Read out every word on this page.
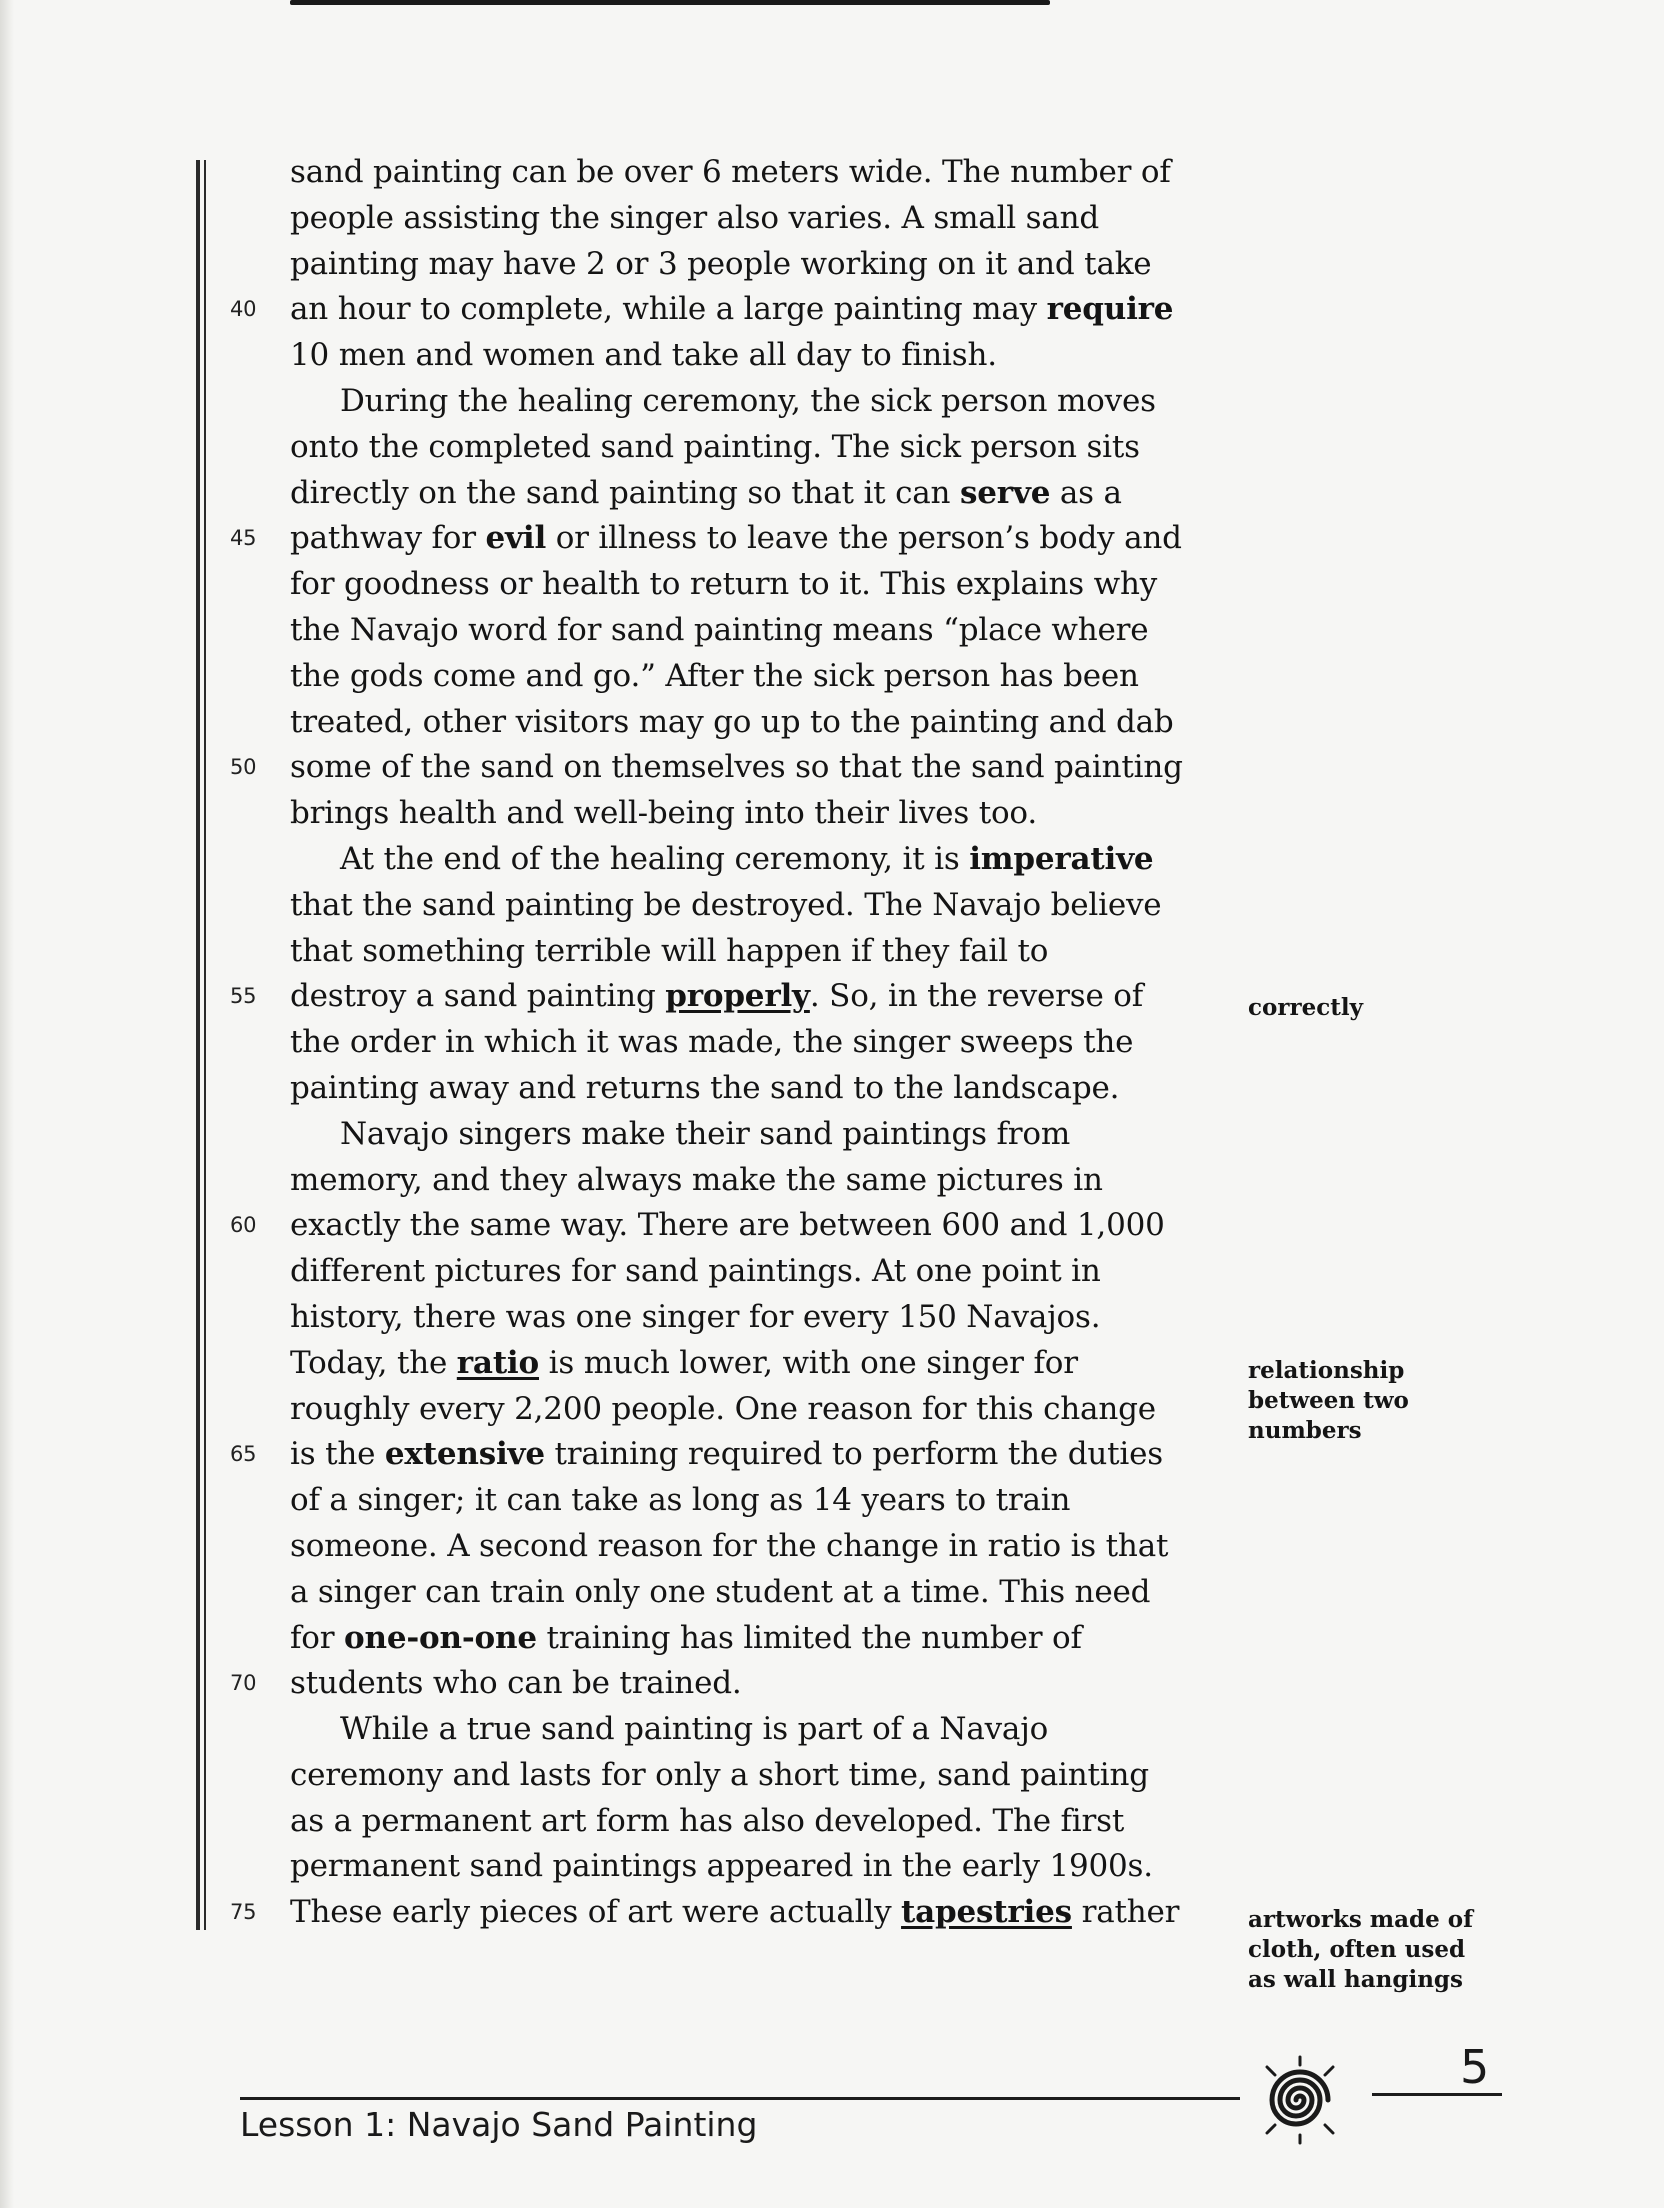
sand painting can be over 6 meters wide. The number of
people assisting the singer also varies. A small sand
painting may have 2 or 3 people working on it and take
40	an hour to complete, while a large painting may require
10 men and women and take all day to finish.
During the healing ceremony, the sick person moves
onto the completed sand painting. The sick person sits
directly on the sand painting so that it can serve as a
45	pathway for evil or illness to leave the person’s body and
for goodness or health to return to it. This explains why
the Navajo word for sand painting means “place where
the gods come and go.” After the sick person has been
treated, other visitors may go up to the painting and dab
50	some of the sand on themselves so that the sand painting
brings health and well-being into their lives too.
At the end of the healing ceremony, it is imperative
that the sand painting be destroyed. The Navajo believe
that something terrible will happen if they fail to
55	destroy a sand painting properly. So, in the reverse of
the order in which it was made, the singer sweeps the
painting away and returns the sand to the landscape.
Navajo singers make their sand paintings from
memory, and they always make the same pictures in
60	exactly the same way. There are between 600 and 1,000
different pictures for sand paintings. At one point in
history, there was one singer for every 150 Navajos.
Today, the ratio is much lower, with one singer for
roughly every 2,200 people. One reason for this change
65	is the extensive training required to perform the duties
of a singer; it can take as long as 14 years to train
someone. A second reason for the change in ratio is that
a singer can train only one student at a time. This need
for one-on-one training has limited the number of
70	students who can be trained.
While a true sand painting is part of a Navajo
ceremony and lasts for only a short time, sand painting
as a permanent art form has also developed. The first
permanent sand paintings appeared in the early 1900s.
75	These early pieces of art were actually tapestries rather
correctly
relationship between two numbers
artworks made of cloth, often used as wall hangings
Lesson 1: Navajo Sand Painting
5
